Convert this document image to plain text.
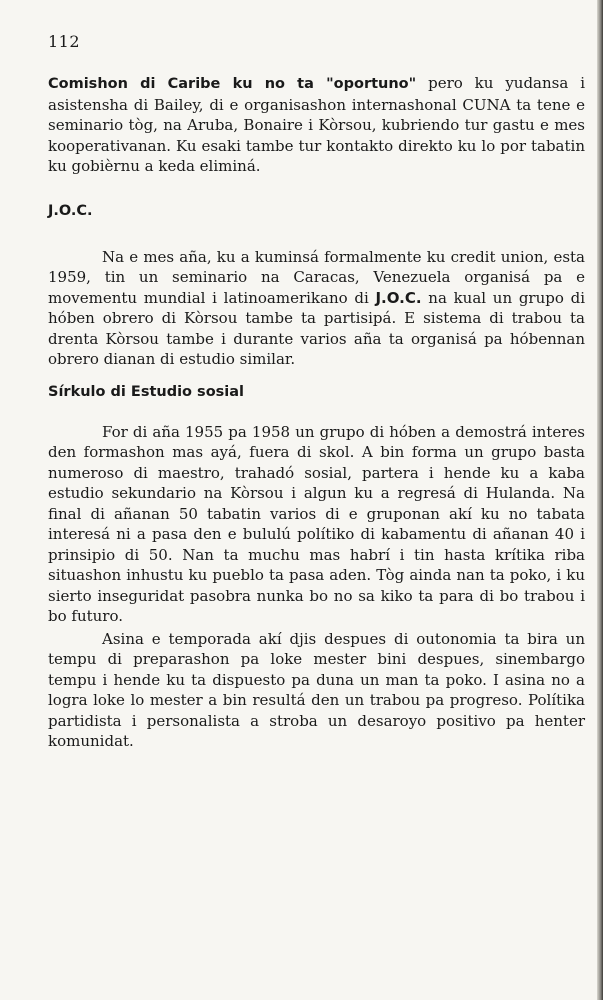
112

Comishon di Caribe ku no ta "oportuno" pero ku yudansa i asistensha di Bailey, di e organisashon internashonal CUNA ta tene e seminario tòg, na Aruba, Bonaire i Kòrsou, kubriendo tur gastu e mes kooperativanan. Ku esaki tambe tur kontakto direkto ku lo por tabatin ku gobièrnu a keda eliminá.

J.O.C.

Na e mes aña, ku a kuminsá formalmente ku credit union, esta 1959, tin un seminario na Caracas, Venezuela organisá pa e movementu mundial i latinoamerikano di J.O.C. na kual un grupo di hóben obrero di Kòrsou tambe ta partisipá. E sistema di trabou ta drenta Kòrsou tambe i durante varios aña ta organisá pa hóbennan obrero dianan di estudio similar.

Sírkulo di Estudio sosial

For di aña 1955 pa 1958 un grupo di hóben a demostrá interes den formashon mas ayá, fuera di skol. A bin forma un grupo basta numeroso di maestro, trahadó sosial, partera i hende ku a kaba estudio sekundario na Kòrsou i algun ku a regresá di Hulanda. Na final di añanan 50 tabatin varios di e gruponan akí ku no tabata interesá ni a pasa den e bululú polítiko di kabamentu di añanan 40 i prinsipio di 50. Nan ta muchu mas habrí i tin hasta krítika riba situashon inhustu ku pueblo ta pasa aden. Tòg ainda nan ta poko, i ku sierto inseguridat pasobra nunka bo no sa kiko ta para di bo trabou i bo futuro.

Asina e temporada akí djis despues di outonomia ta bira un tempu di preparashon pa loke mester bini despues, sinembargo tempu i hende ku ta dispuesto pa duna un man ta poko. I asina no a logra loke lo mester a bin resultá den un trabou pa progreso. Polítika partidista i personalista a stroba un desaroyo positivo pa henter komunidat.
